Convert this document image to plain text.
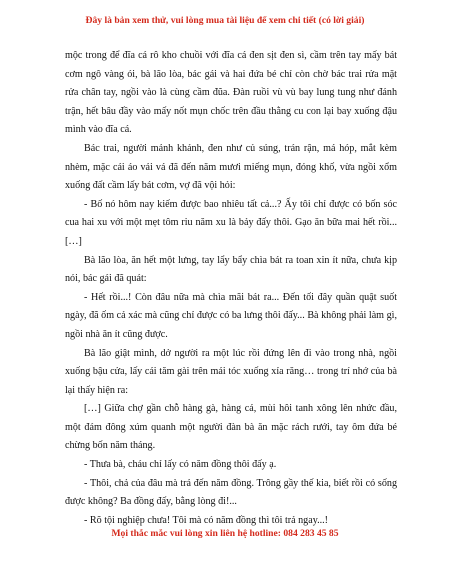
Đây là bản xem thử, vui lòng mua tài liệu để xem chi tiết (có lời giải)

mộc trong để đĩa cá rô kho chuồi với đĩa cá đen sịt đen sì, cầm trên tay mấy bát cơm ngô vàng ói, bà lão lòa, bác gái và hai đứa bé chỉ còn chờ bác trai rửa mặt rửa chân tay, ngồi vào là cùng cầm đũa. Đàn ruồi vù vù bay lung tung như đánh trận, hết bâu đầy vào mấy nốt mụn chốc trên đầu thằng cu con lại bay xuống đậu mình vào đĩa cá.

Bác trai, người mảnh khảnh, đen như củ súng, trán rận, má hóp, mắt kèm nhèm, mặc cái áo vải vá đã đến năm mươi miếng mụn, đóng khố, vừa ngồi xổm xuống đất cầm lấy bát cơm, vợ đã vội hỏi:

- Bố nó hôm nay kiếm được bao nhiêu tất cả...? Ấy tôi chỉ được có bốn sóc cua hai xu với một mẹt tôm riu năm xu là bảy đấy thôi. Gạo ăn bữa mai hết rồi... […]

Bà lão lòa, ăn hết một lưng, tay lẩy bẩy chìa bát ra toan xin ít nữa, chưa kịp nói, bác gái đã quát:

- Hết rồi...! Còn đâu nữa mà chìa mãi bát ra... Đến tối đây quần quật suốt ngày, đã ốm cả xác mà cũng chỉ được có ba lưng thôi đấy... Bà không phải làm gì, ngồi nhà ăn ít cũng được.

Bà lão giật mình, dở người ra một lúc rồi đứng lên đi vào trong nhà, ngồi xuống bậu cửa, lấy cái tăm gài trên mái tóc xuống xỉa răng… trong trí nhớ của bà lại thấy hiện ra:

[…] Giữa chợ gần chỗ hàng gà, hàng cá, mùi hôi tanh xông lên nhức đầu, một đám đông xúm quanh một người đàn bà ăn mặc rách rưới, tay ôm đứa bé chừng bốn năm tháng.

- Thưa bà, cháu chỉ lấy có năm đồng thôi đấy ạ.

- Thôi, chả của đâu mà trả đến năm đồng. Trông gầy thế kia, biết rồi có sống được không? Ba đồng đấy, bằng lòng đi!...

- Rõ tội nghiệp chưa! Tôi mà có năm đồng thì tôi trả ngay...!

Mọi thắc mắc vui lòng xin liên hệ hotline: 084 283 45 85
